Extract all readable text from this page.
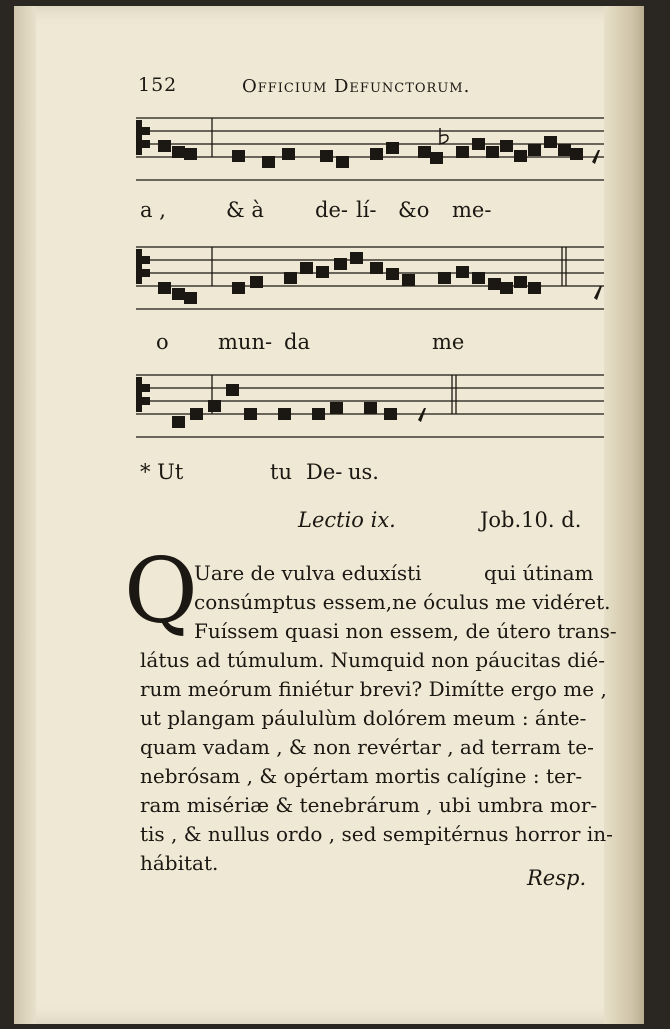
152	Officium Defunctorum.
a ,	& à de- lí- &o me-
o mun- da	me
* Ut	tu De- us.
Lectio ix.	Job.10. d.
Q
Uare de vulva eduxísti	qui útinam
consúmptus essem,ne óculus me vidéret.
Fuíssem quasi non essem, de útero trans-
látus ad túmulum. Numquid non páucitas dié-
rum meórum finiétur brevi? Dimítte ergo me ,
ut plangam páululùm dolórem meum : ánte-
quam vadam , & non revértar , ad terram te-
nebrósam , & opértam mortis calígine : ter-
ram misériæ & tenebrárum , ubi umbra mor-
tis , & nullus ordo , sed sempitérnus horror in-
hábitat.
Resp.
